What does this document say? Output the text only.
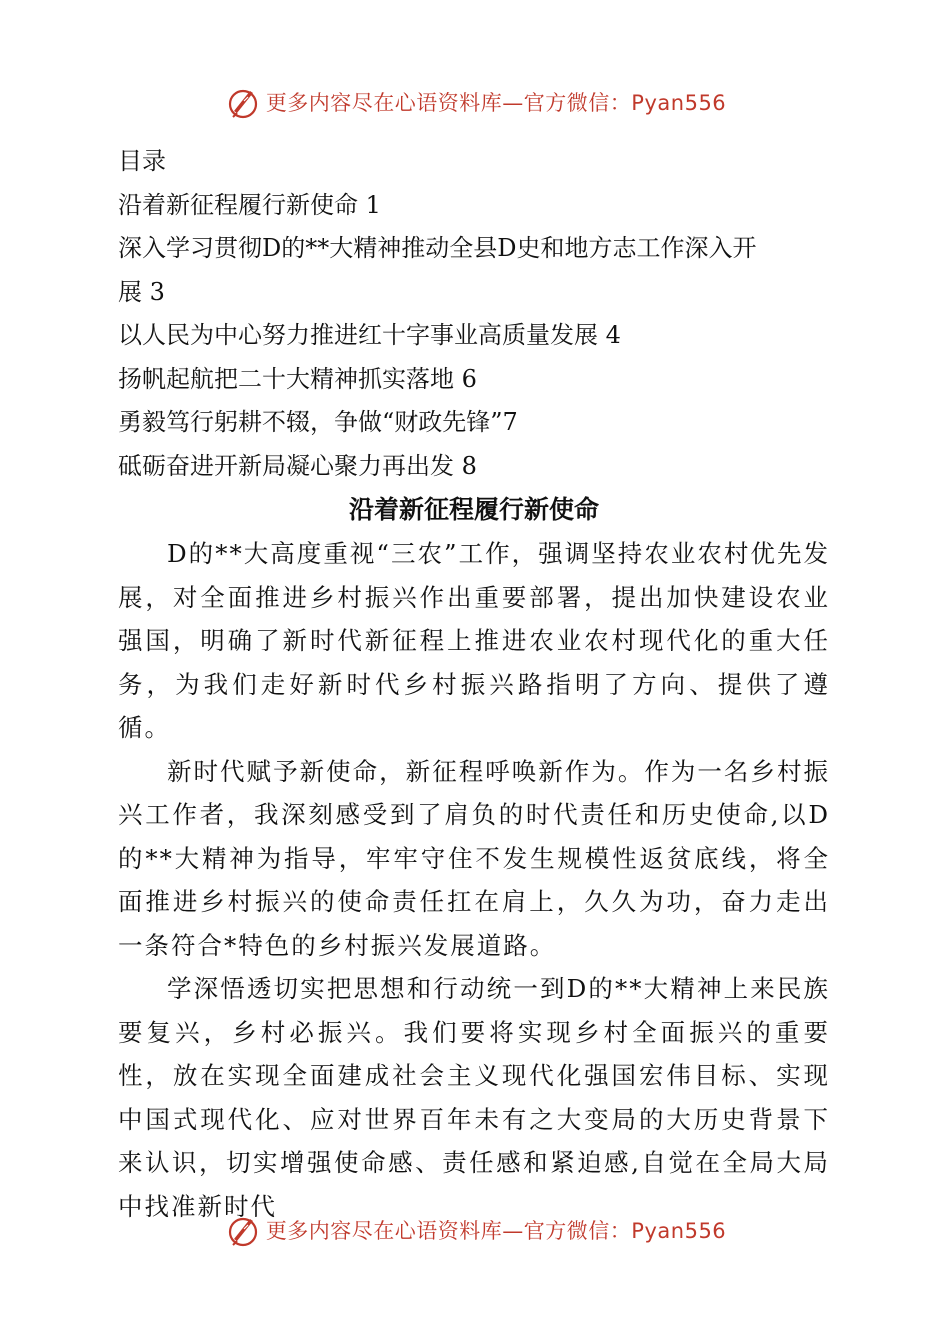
更多内容尽在心语资料库—官方微信：Pyan556
目录
沿着新征程履行新使命 1
深入学习贯彻D的**大精神推动全县D史和地方志工作深入开
展 3
以人民为中心努力推进红十字事业高质量发展 4
扬帆起航把二十大精神抓实落地 6
勇毅笃行躬耕不辍，争做“财政先锋”7
砥砺奋进开新局凝心聚力再出发 8
沿着新征程履行新使命

D的**大高度重视“三农”工作，强调坚持农业农村优先发展，对全面推进乡村振兴作出重要部署，提出加快建设农业强国，明确了新时代新征程上推进农业农村现代化的重大任务，为我们走好新时代乡村振兴路指明了方向、提供了遵循。

新时代赋予新使命，新征程呼唤新作为。作为一名乡村振兴工作者，我深刻感受到了肩负的时代责任和历史使命,以D的**大精神为指导，牢牢守住不发生规模性返贫底线，将全面推进乡村振兴的使命责任扛在肩上，久久为功，奋力走出一条符合*特色的乡村振兴发展道路。

学深悟透切实把思想和行动统一到D的**大精神上来民族要复兴，乡村必振兴。我们要将实现乡村全面振兴的重要性，放在实现全面建成社会主义现代化强国宏伟目标、实现中国式现代化、应对世界百年未有之大变局的大历史背景下来认识，切实增强使命感、责任感和紧迫感,自觉在全局大局中找准新时代

更多内容尽在心语资料库—官方微信：Pyan556
